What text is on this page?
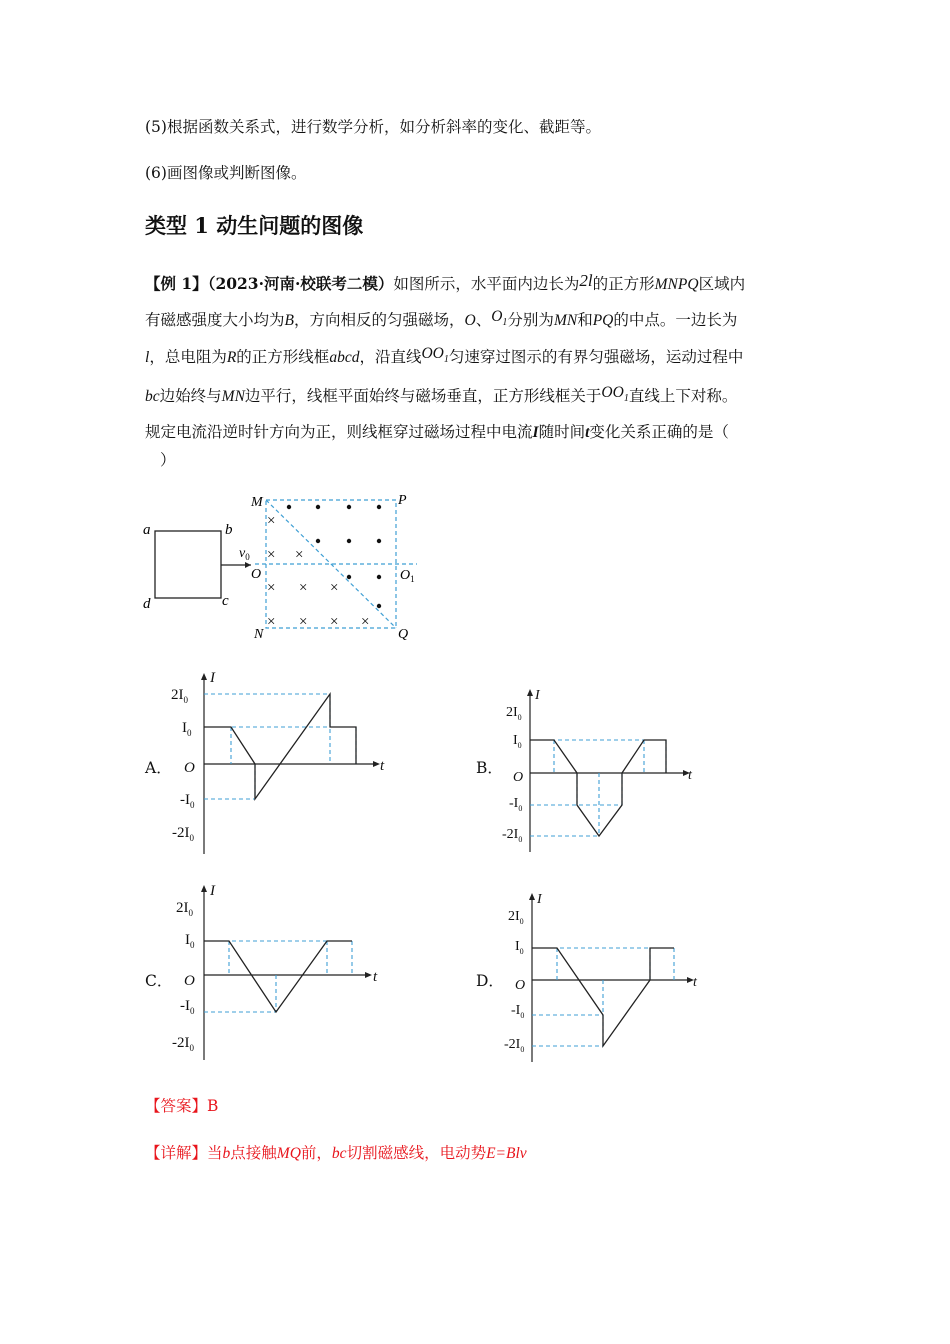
(5)根据函数关系式，进行数学分析，如分析斜率的变化、截距等。
(6)画图像或判断图像。
类型 1 动生问题的图像
【例 1】（2023·河南·校联考二模）如图所示，水平面内边长为2l的正方形MNPQ区域内
有磁感强度大小均为B，方向相反的匀强磁场，O、$O_1$分别为MN和PQ的中点。一边长为
l，总电阻为R的正方形线框abcd，沿直线$OO_1$匀速穿过图示的有界匀强磁场，运动过程中
bc边始终与MN边平行，线框平面始终与磁场垂直，正方形线框关于$OO_1$直线上下对称。
规定电流沿逆时针方向为正，则线框穿过磁场过程中电流I随时间t变化关系正确的是（
）
a	b
c
d
$v_0$
×
× ×
× × ×
× × × ×
M	P
O	$O_1$
N	Q
A．	B．
C．	D．
I
t
O
$2I_0$
$I_0$
$-I_0$
$-2I_0$
I
t
O
$2I_0$
$I_0$
$-I_0$
$-2I_0$
I
t
O
$2I_0$
$I_0$
$-I_0$
$-2I_0$
I
t
O
$2I_0$
$I_0$
$-I_0$
$-2I_0$
【答案】B
【详解】当b点接触MQ前，bc切割磁感线，电动势E=Blv
